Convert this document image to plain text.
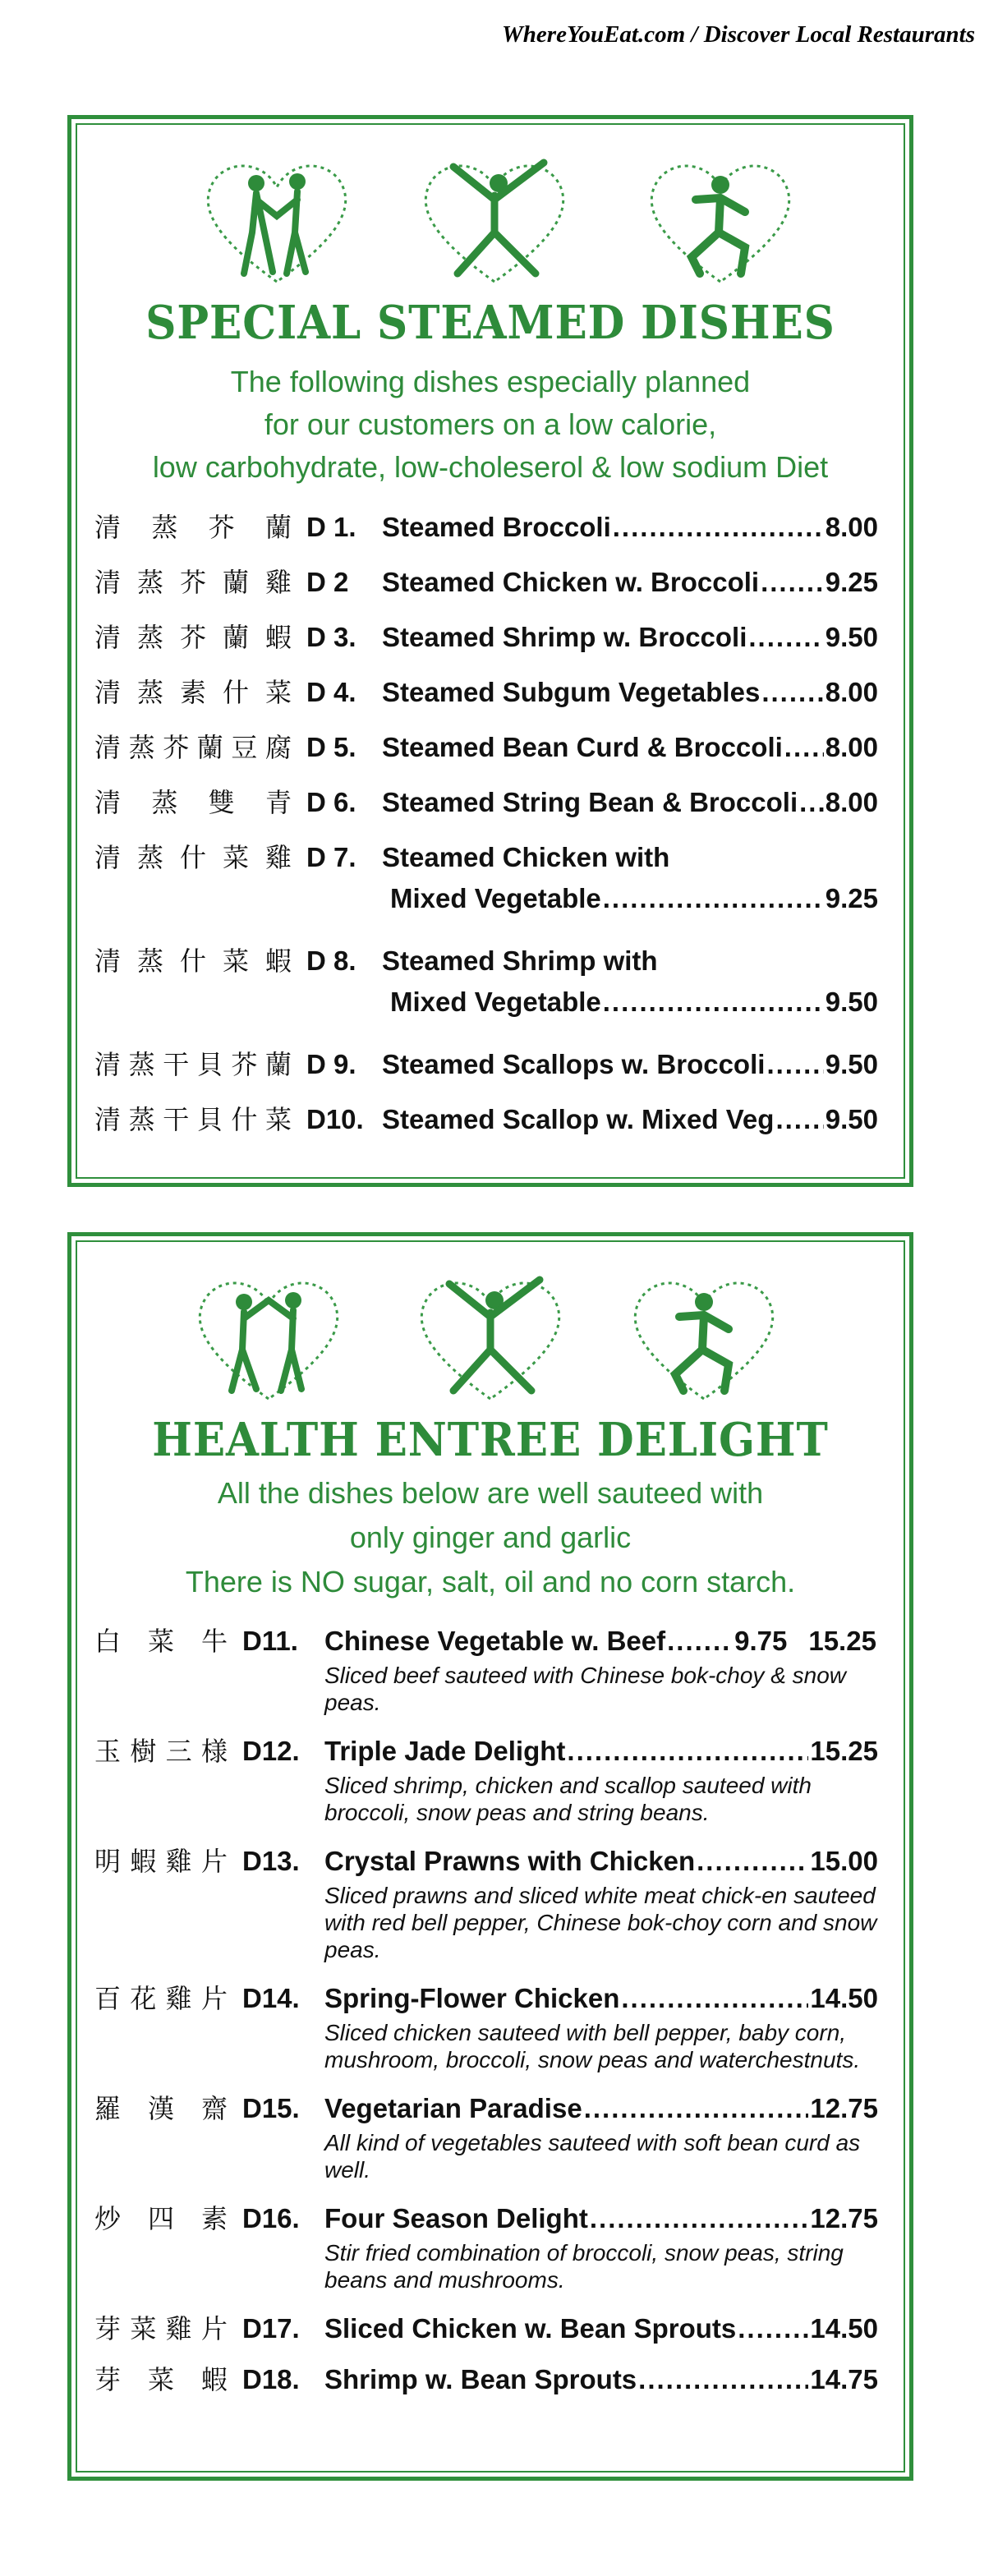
WhereYouEat.com / Discover Local Restaurants
SPECIAL STEAMED DISHES
The following dishes especially planned
for our customers on a low calorie,
low carbohydrate, low-choleserol & low sodium Diet
清 蒸 芥 蘭 D 1. Steamed Broccoli .....	8.00
清 蒸 芥 蘭 雞 D 2	Steamed Chicken w. Broccoli ..... 9.25
清 蒸 芥 蘭 蝦 D 3. Steamed Shrimp w. Broccoli .....	9.50
清 蒸 素 什 菜 D 4. Steamed Subgum Vegetables ..... 8.00
清 蒸 芥 蘭 豆 腐 D 5. Steamed Bean Curd & Broccoli ..... 8.00
清 蒸 雙 青 D 6. Steamed String Bean & Broccoli ..... 8.00
清 蒸 什 菜 雞 D 7. Steamed Chicken with
Mixed Vegetable .....	9.25
清 蒸 什 菜 蝦 D 8. Steamed Shrimp with
Mixed Vegetable .....	9.50
清 蒸 干 貝 芥 蘭 D 9. Steamed Scallops w. Broccoli ..... 9.50
清 蒸 干 貝 什 菜 D10. Steamed Scallop w. Mixed Veg ..... 9.50
HEALTH ENTREE DELIGHT
All the dishes below are well sauteed with
only ginger and garlic
There is NO sugar, salt, oil and no corn starch.
白 菜 牛 D11. Chinese Vegetable w. Beef .....	9.75 15.25
Sliced beef sauteed with Chinese bok-choy & snow peas.
玉 樹 三 様 D12. Triple Jade Delight .....	15.25
Sliced shrimp, chicken and scallop sauteed with broccoli, snow peas and string beans.
明 蝦 雞 片 D13. Crystal Prawns with Chicken .....	15.00
Sliced prawns and sliced white meat chick-en sauteed with red bell pepper, Chinese bok-choy corn and snow peas.
百 花 雞 片 D14. Spring-Flower Chicken .....	14.50
Sliced chicken sauteed with bell pepper, baby corn, mushroom, broccoli, snow peas and waterchestnuts.
羅 漢 齋 D15. Vegetarian Paradise .....	12.75
All kind of vegetables sauteed with soft bean curd as well.
炒 四 素 D16. Four Season Delight .....	12.75
Stir fried combination of broccoli, snow peas, string beans and mushrooms.
芽 菜 雞 片 D17. Sliced Chicken w. Bean Sprouts .....	14.50
芽 菜 蝦 D18. Shrimp w. Bean Sprouts .....	14.75
